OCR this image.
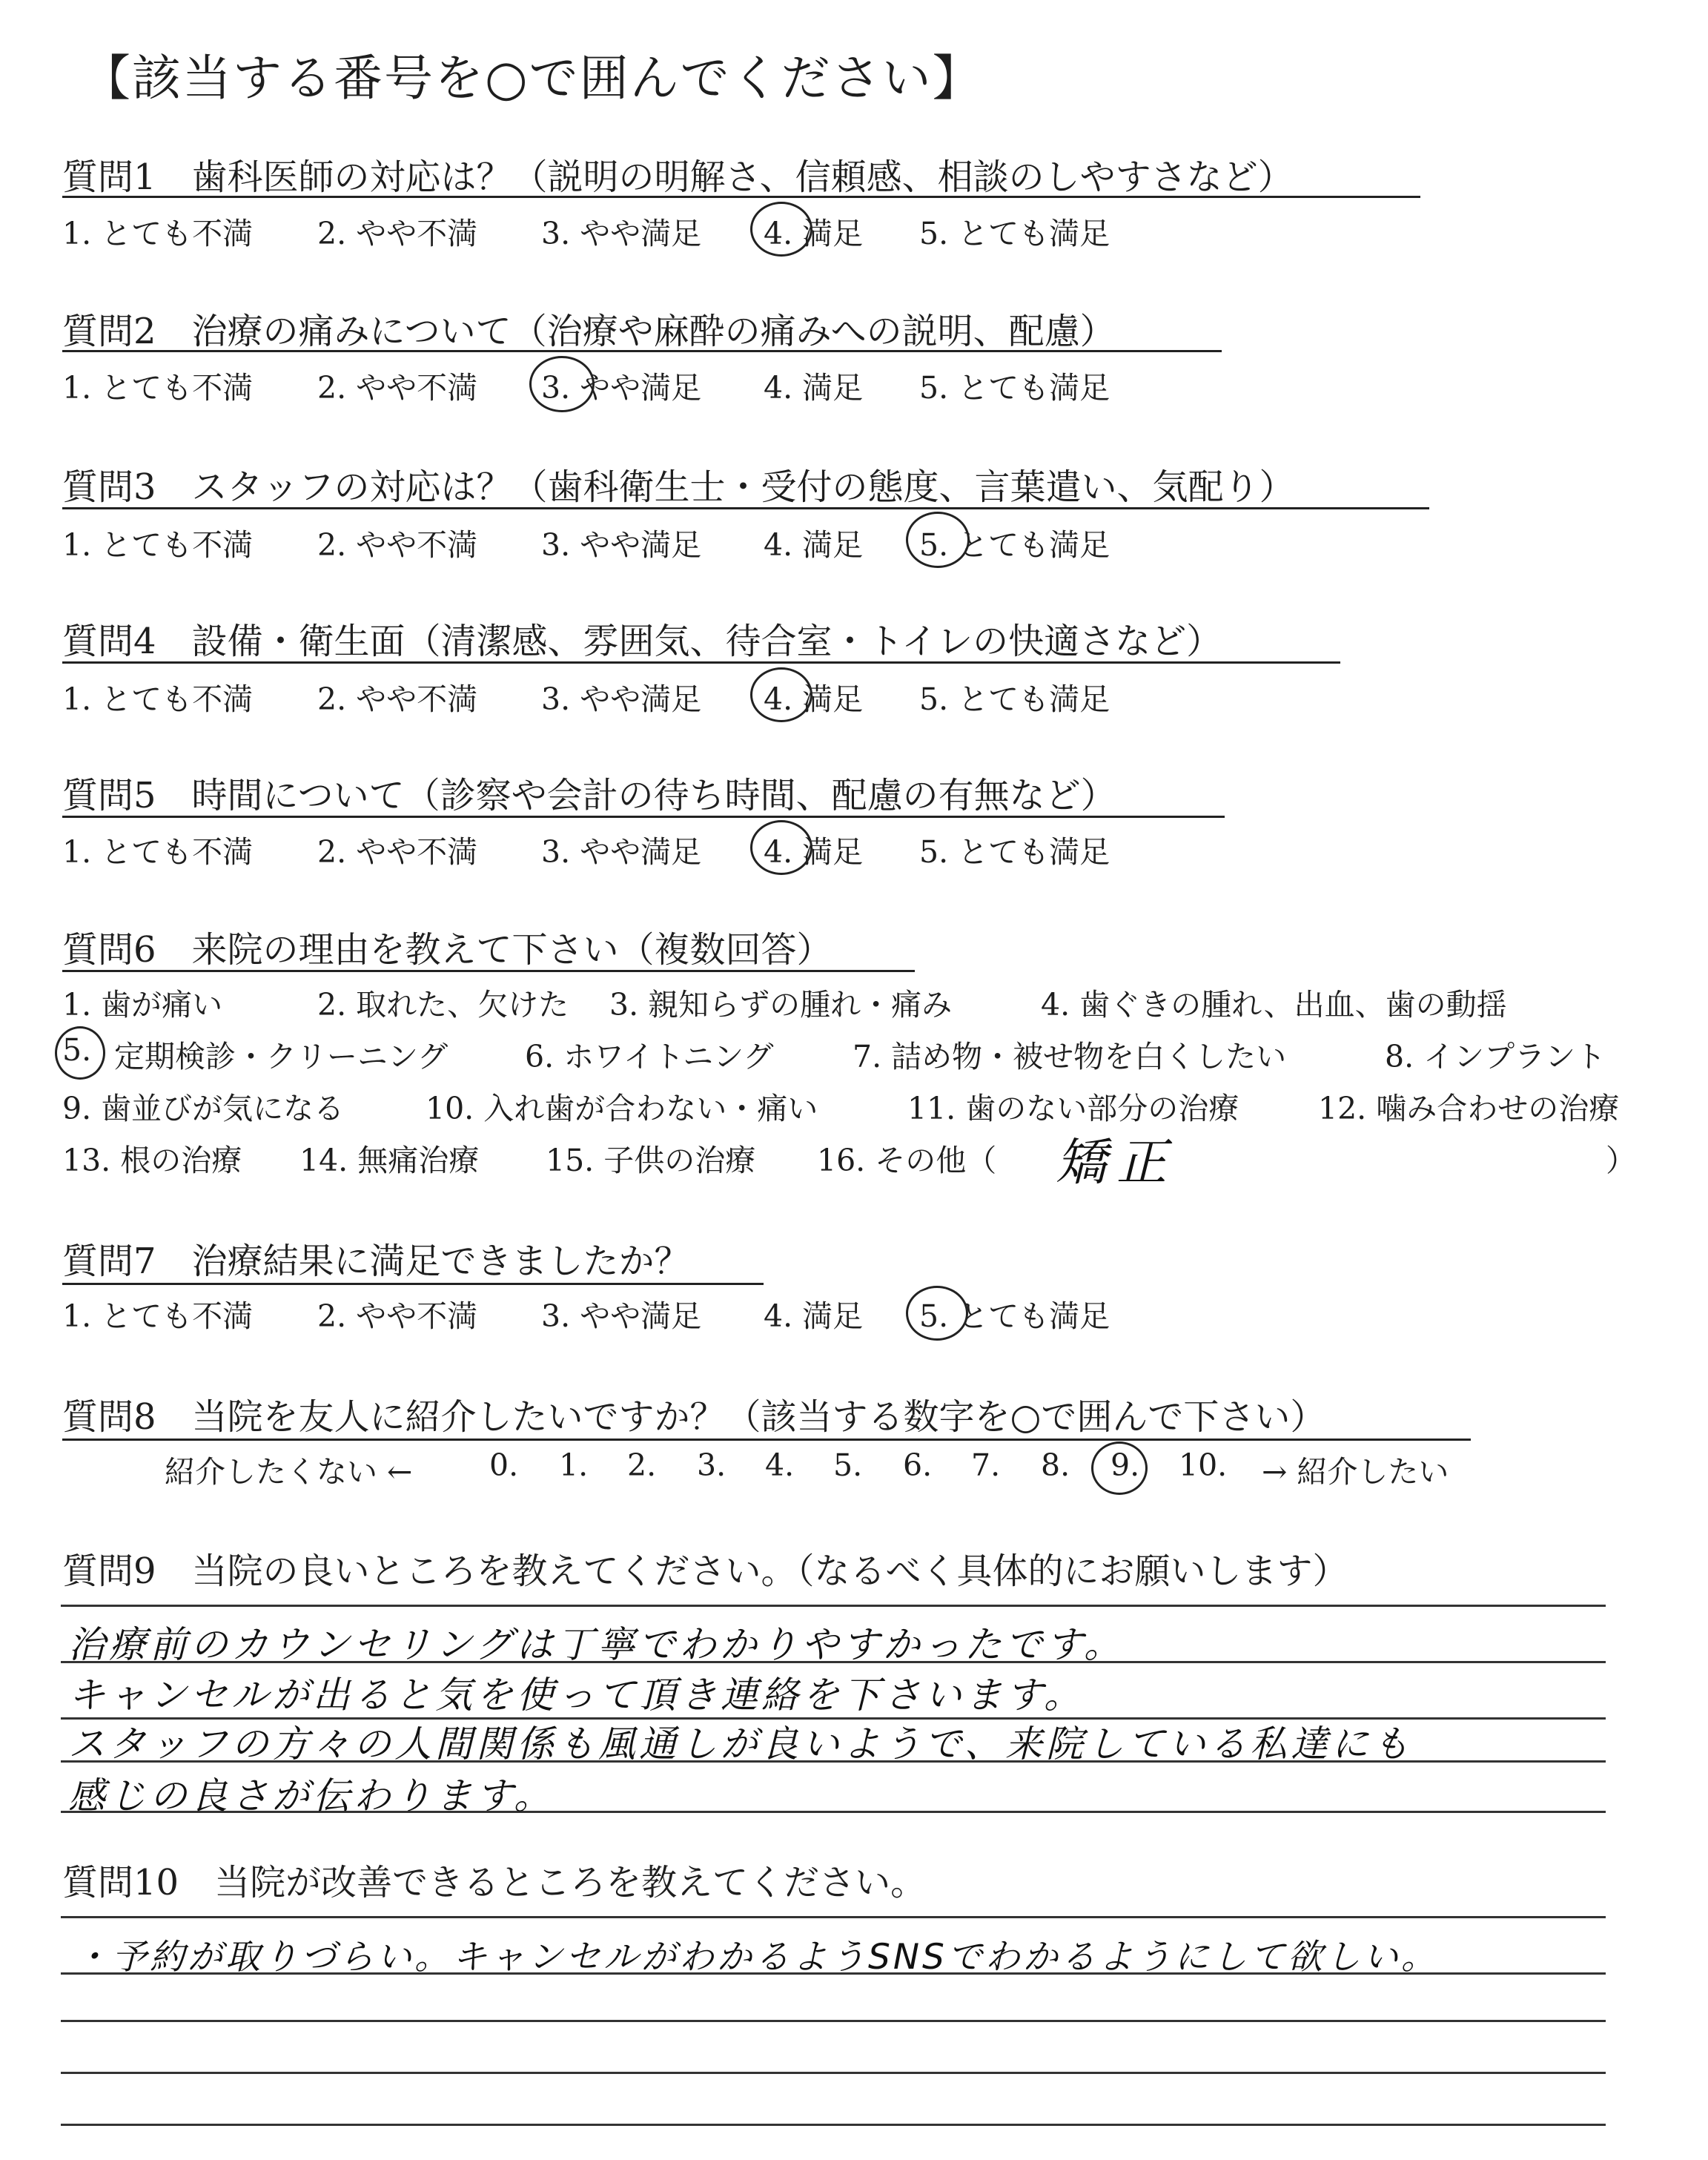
【該当する番号を○で囲んでください】
質問1　歯科医師の対応は？（説明の明解さ、信頼感、相談のしやすさなど）
1. とても不満 2. やや不満 3. やや満足 4. 満足 5. とても満足
質問2　治療の痛みについて（治療や麻酔の痛みへの説明、配慮）
1. とても不満 2. やや不満 3. やや満足 4. 満足 5. とても満足
質問3　スタッフの対応は？（歯科衛生士・受付の態度、言葉遣い、気配り）
1. とても不満 2. やや不満 3. やや満足 4. 満足 5. とても満足
質問4　設備・衛生面（清潔感、雰囲気、待合室・トイレの快適さなど）
1. とても不満 2. やや不満 3. やや満足 4. 満足 5. とても満足
質問5　時間について（診察や会計の待ち時間、配慮の有無など）
1. とても不満 2. やや不満 3. やや満足 4. 満足 5. とても満足
質問6　来院の理由を教えて下さい（複数回答）
1. 歯が痛い	2. 取れた、欠けた 3. 親知らずの腫れ・痛み	4. 歯ぐきの腫れ、出血、歯の動揺
5. 定期検診・クリーニング	6. ホワイトニング	7. 詰め物・被せ物を白くしたい	8. インプラント
9. 歯並びが気になる	10. 入れ歯が合わない・痛い	11. 歯のない部分の治療	12. 噛み合わせの治療
13. 根の治療 14. 無痛治療 15. 子供の治療 16. その他（	）
矯正
質問7　治療結果に満足できましたか？
1. とても不満 2. やや不満 3. やや満足 4. 満足 5. とても満足
質問8　当院を友人に紹介したいですか？（該当する数字を○で囲んで下さい）
紹介したくない ←	0. 1. 2. 3. 4. 5. 6. 7. 8. 9. 10. → 紹介したい
質問9　当院の良いところを教えてください。（なるべく具体的にお願いします）
治療前のカウンセリングは丁寧でわかりやすかったです。
キャンセルが出ると気を使って頂き連絡を下さいます。
スタッフの方々の人間関係も風通しが良いようで、来院している私達にも
感じの良さが伝わります。
質問10　当院が改善できるところを教えてください。
・予約が取りづらい。キャンセルがわかるようSNSでわかるようにして欲しい。
